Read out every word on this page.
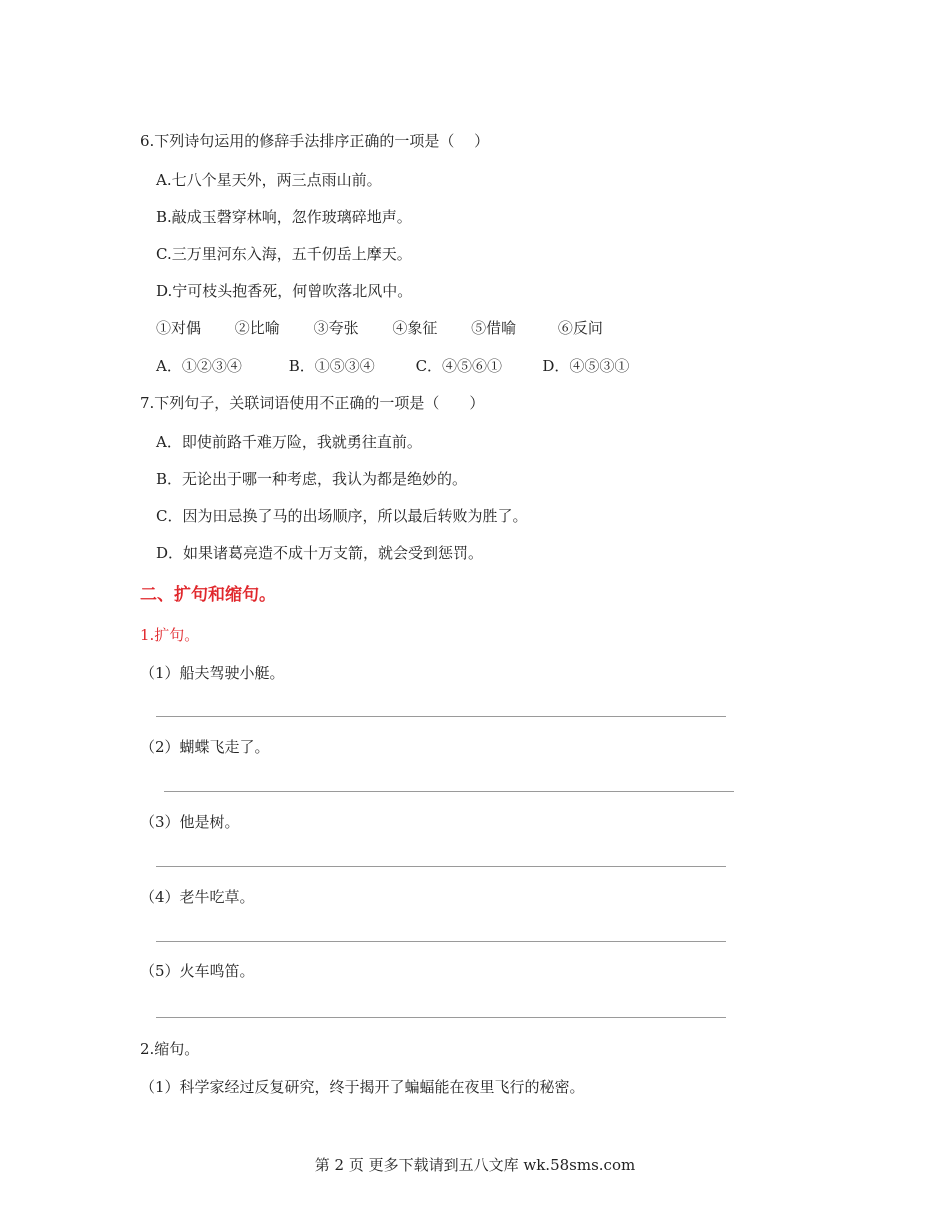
6.下列诗句运用的修辞手法排序正确的一项是（　 ）
A.七八个星天外，两三点雨山前。
B.敲成玉磬穿林响，忽作玻璃碎地声。
C.三万里河东入海，五千仞岳上摩天。
D.宁可枝头抱香死，何曾吹落北风中。
①对偶 ②比喻 ③夸张 ④象征 ⑤借喻	⑥反问
A．①②③④	B．①⑤③④	C．④⑤⑥①	D．④⑤③①
7.下列句子，关联词语使用不正确的一项是（　　）
A．即使前路千难万险，我就勇往直前。
B．无论出于哪一种考虑，我认为都是绝妙的。
C．因为田忌换了马的出场顺序，所以最后转败为胜了。
D．如果诸葛亮造不成十万支箭，就会受到惩罚。
二、扩句和缩句。
1.扩句。
（1）船夫驾驶小艇。
（2）蝴蝶飞走了。
（3）他是树。
（4）老牛吃草。
（5）火车鸣笛。
2.缩句。
（1）科学家经过反复研究，终于揭开了蝙蝠能在夜里飞行的秘密。
第 2 页 更多下载请到五八文库 wk.58sms.com
